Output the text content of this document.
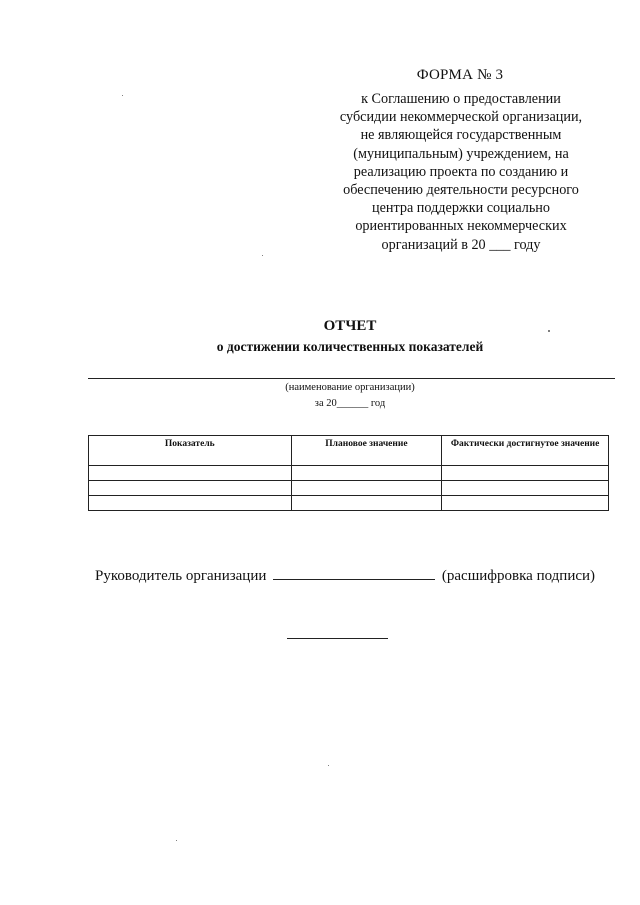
ФОРМА № 3
к Соглашению о предоставлении
субсидии некоммерческой организации,
не являющейся государственным
(муниципальным) учреждением, на
реализацию проекта по созданию и
обеспечению деятельности ресурсного
центра поддержки социально
ориентированных некоммерческих
организаций в 20 ___ году
ОТЧЕТ
о достижении количественных показателей
(наименование организации)
за 20______ год
Показатель	Плановое значение	Фактически достигнутое значение

Руководитель организации	(расшифровка подписи)
